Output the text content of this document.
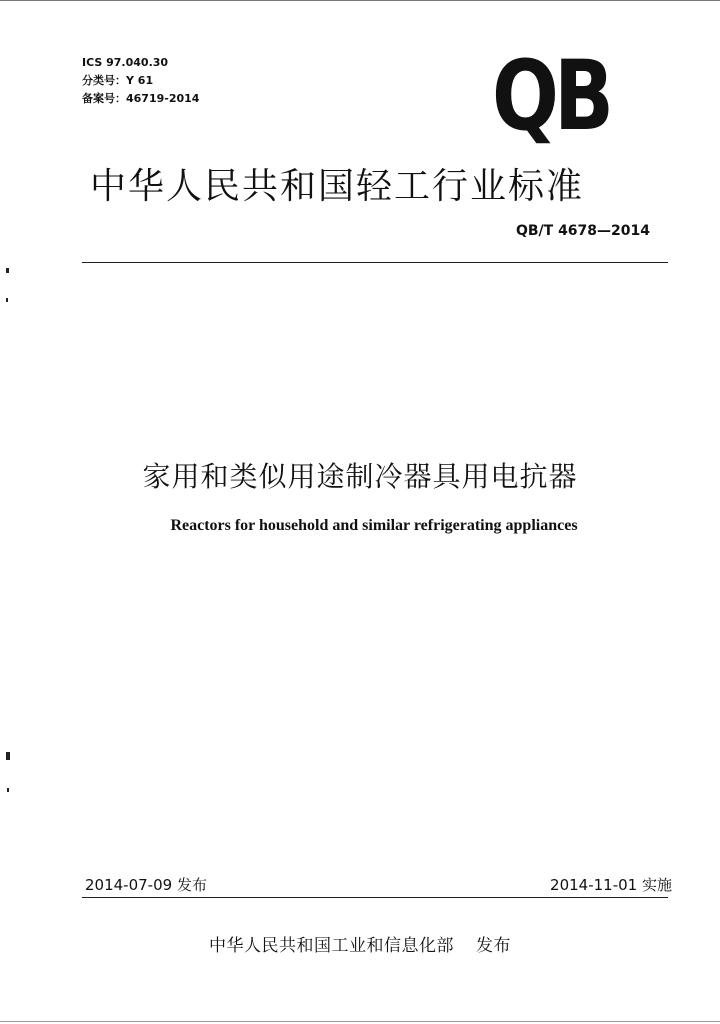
ICS 97.040.30
分类号：Y 61
备案号：46719-2014	QB
中华人民共和国轻工行业标准
QB/T 4678—2014
家用和类似用途制冷器具用电抗器
Reactors for household and similar refrigerating appliances
2014-07-09 发布	2014-11-01 实施
中华人民共和国工业和信息化部 发布
